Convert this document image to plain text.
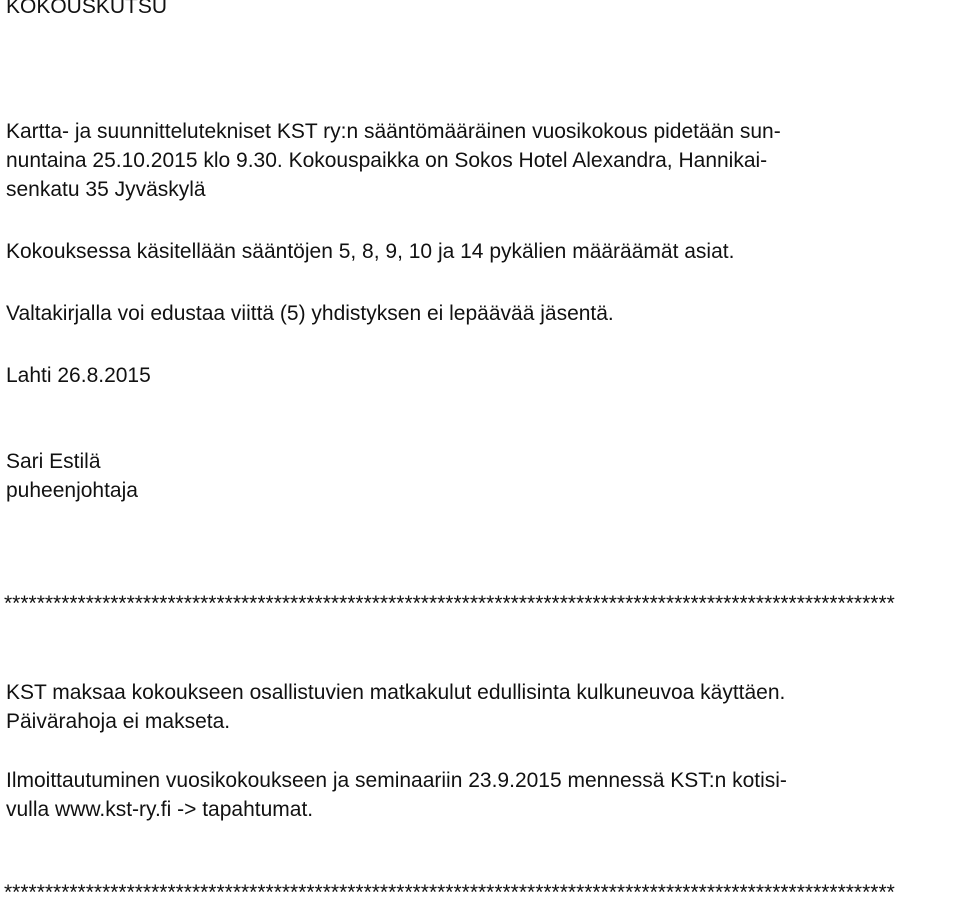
KOKOUSKUTSU
Kartta- ja suunnittelutekniset KST ry:n sääntömääräinen vuosikokous pidetään sun-
nuntaina 25.10.2015 klo 9.30. Kokouspaikka on Sokos Hotel Alexandra, Hannikai-
senkatu 35 Jyväskylä
Kokouksessa käsitellään sääntöjen 5, 8, 9, 10 ja 14 pykälien määräämät asiat.
Valtakirjalla voi edustaa viittä (5) yhdistyksen ei lepäävää jäsentä.
Lahti 26.8.2015
Sari Estilä
puheenjohtaja
*************************************************************************************************************
KST maksaa kokoukseen osallistuvien matkakulut edullisinta kulkuneuvoa käyttäen.
Päivärahoja ei makseta.
Ilmoittautuminen vuosikokoukseen ja seminaariin 23.9.2015 mennessä KST:n kotisi-
vulla www.kst-ry.fi -> tapahtumat.
*************************************************************************************************************
